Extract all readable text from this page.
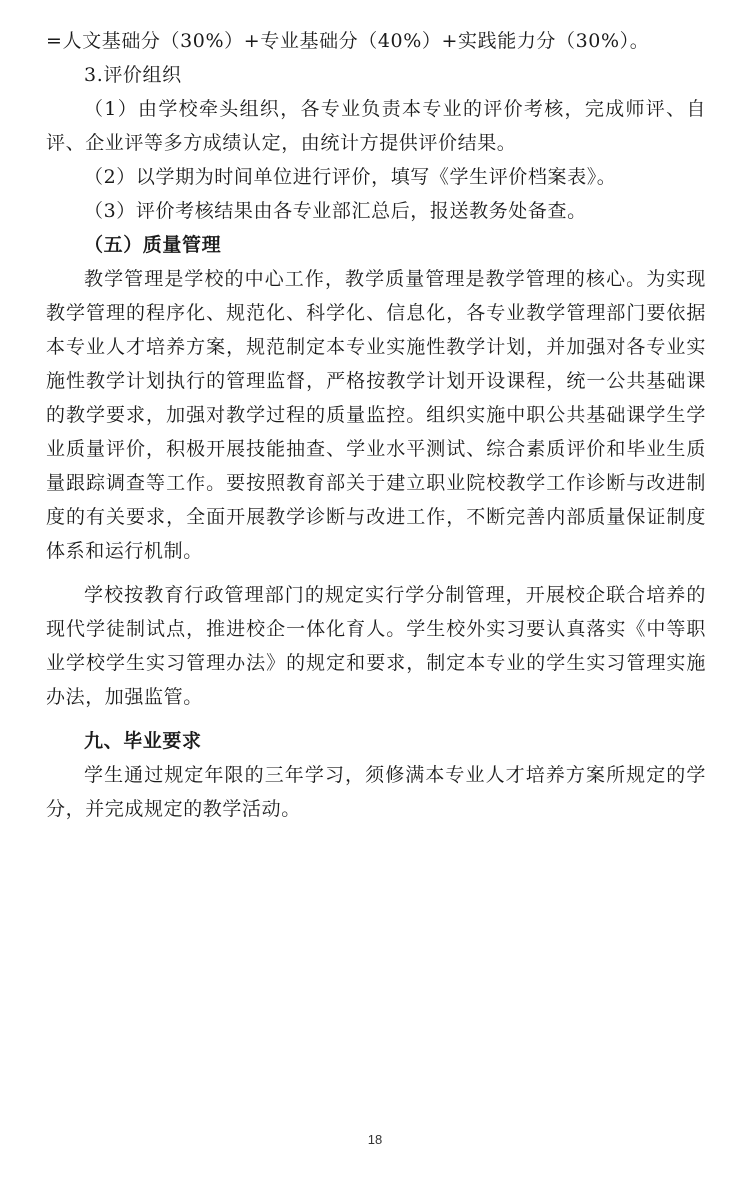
=人文基础分（30%）+专业基础分（40%）+实践能力分（30%）。

3.评价组织

（1）由学校牵头组织，各专业负责本专业的评价考核，完成师评、自评、企业评等多方成绩认定，由统计方提供评价结果。

（2）以学期为时间单位进行评价，填写《学生评价档案表》。

（3）评价考核结果由各专业部汇总后，报送教务处备查。

（五）质量管理

教学管理是学校的中心工作，教学质量管理是教学管理的核心。为实现教学管理的程序化、规范化、科学化、信息化，各专业教学管理部门要依据本专业人才培养方案，规范制定本专业实施性教学计划，并加强对各专业实施性教学计划执行的管理监督，严格按教学计划开设课程，统一公共基础课的教学要求，加强对教学过程的质量监控。组织实施中职公共基础课学生学业质量评价，积极开展技能抽查、学业水平测试、综合素质评价和毕业生质量跟踪调查等工作。要按照教育部关于建立职业院校教学工作诊断与改进制度的有关要求，全面开展教学诊断与改进工作，不断完善内部质量保证制度体系和运行机制。

学校按教育行政管理部门的规定实行学分制管理，开展校企联合培养的现代学徒制试点，推进校企一体化育人。学生校外实习要认真落实《中等职业学校学生实习管理办法》的规定和要求，制定本专业的学生实习管理实施办法，加强监管。

九、毕业要求

学生通过规定年限的三年学习，须修满本专业人才培养方案所规定的学分，并完成规定的教学活动。

18
